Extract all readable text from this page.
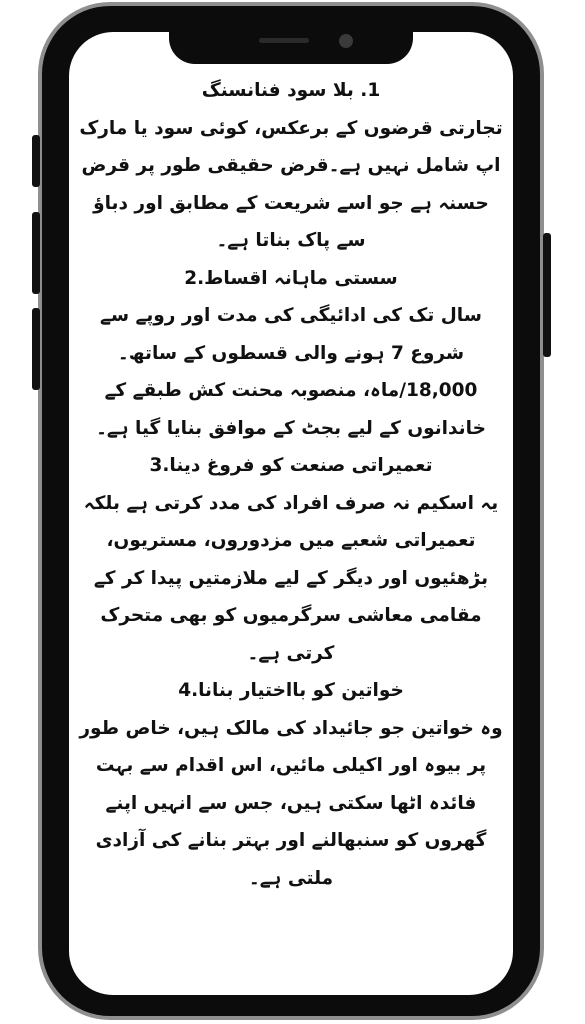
1. بلا سود فنانسنگ

تجارتی قرضوں کے برعکس، کوئی سود یا مارک اپ شامل نہیں ہے۔قرض حقیقی طور پر قرض حسنہ ہے جو اسے شریعت کے مطابق اور دباؤ سے پاک بناتا ہے۔

سستی ماہانہ اقساط.2

سال تک کی ادائیگی کی مدت اور روپے سے شروع 7 ہونے والی قسطوں کے ساتھ۔18,000/ماہ، منصوبہ محنت کش طبقے کے خاندانوں کے لیے بجٹ کے موافق بنایا گیا ہے۔

تعمیراتی صنعت کو فروغ دینا.3

یہ اسکیم نہ صرف افراد کی مدد کرتی ہے بلکہ تعمیراتی شعبے میں مزدوروں، مستریوں، بڑھئیوں اور دیگر کے لیے ملازمتیں پیدا کر کے مقامی معاشی سرگرمیوں کو بھی متحرک کرتی ہے۔

خواتین کو بااختیار بنانا.4

وہ خواتین جو جائیداد کی مالک ہیں، خاص طور پر بیوہ اور اکیلی مائیں، اس اقدام سے بہت فائدہ اٹھا سکتی ہیں، جس سے انہیں اپنے گھروں کو سنبھالنے اور بہتر بنانے کی آزادی ملتی ہے۔
